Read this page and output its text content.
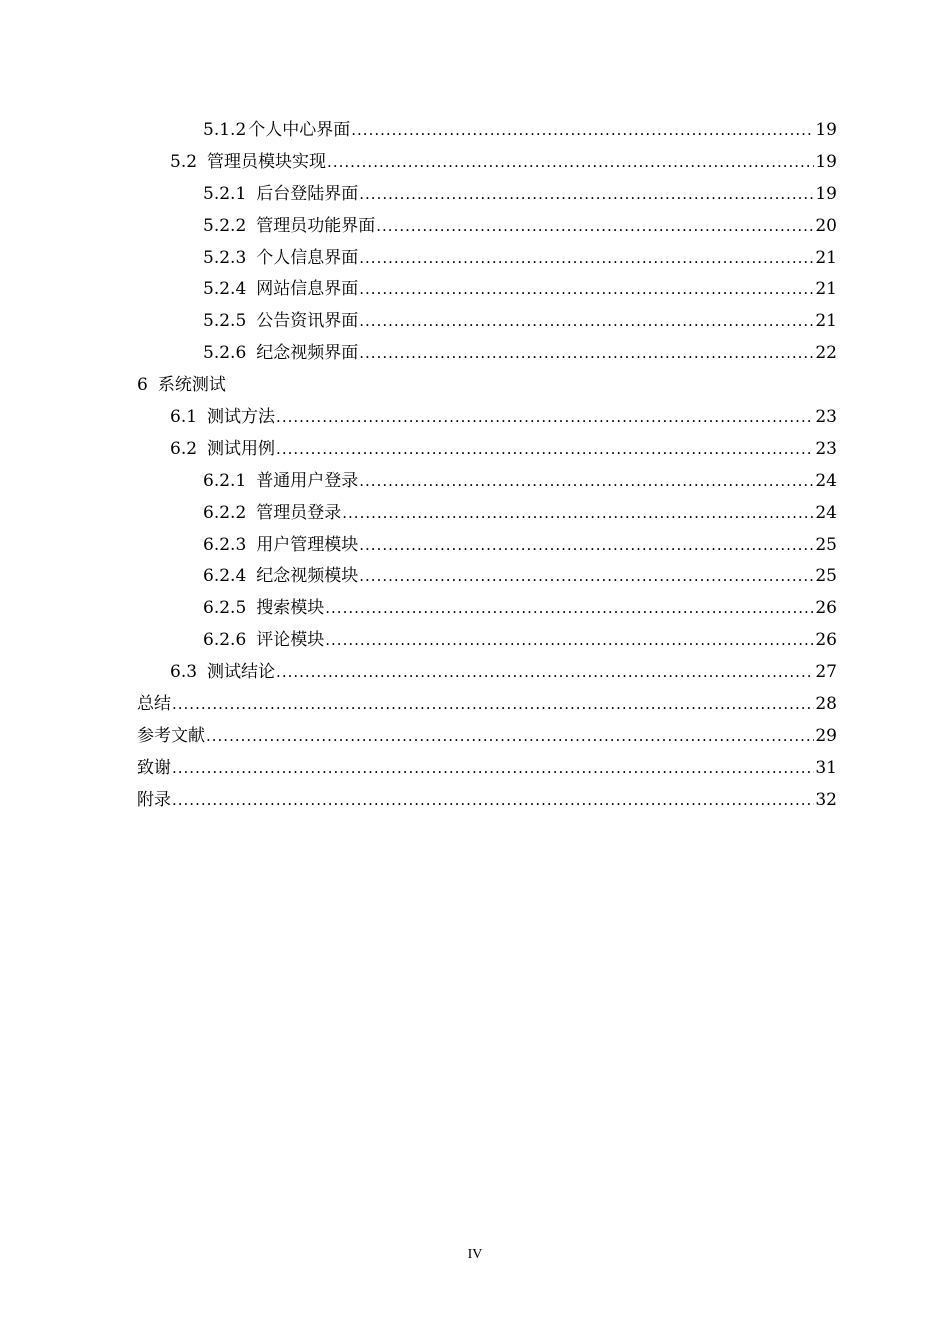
5.1.2 个人中心界面 .....	19
5.2 管理员模块实现 .....	19
5.2.1 后台登陆界面 .....	19
5.2.2 管理员功能界面 .....	20
5.2.3 个人信息界面 .....	21
5.2.4 网站信息界面 .....	21
5.2.5 公告资讯界面 .....	21
5.2.6 纪念视频界面 .....	22
6 系统测试
6.1 测试方法 .....	23
6.2 测试用例 .....	23
6.2.1 普通用户登录 .....	24
6.2.2 管理员登录 .....	24
6.2.3 用户管理模块 .....	25
6.2.4 纪念视频模块 .....	25
6.2.5 搜索模块 .....	26
6.2.6 评论模块 .....	26
6.3 测试结论 .....	27
总结 .....	28
参考文献 .....	29
致谢 .....	31
附录 .....	32
IV
